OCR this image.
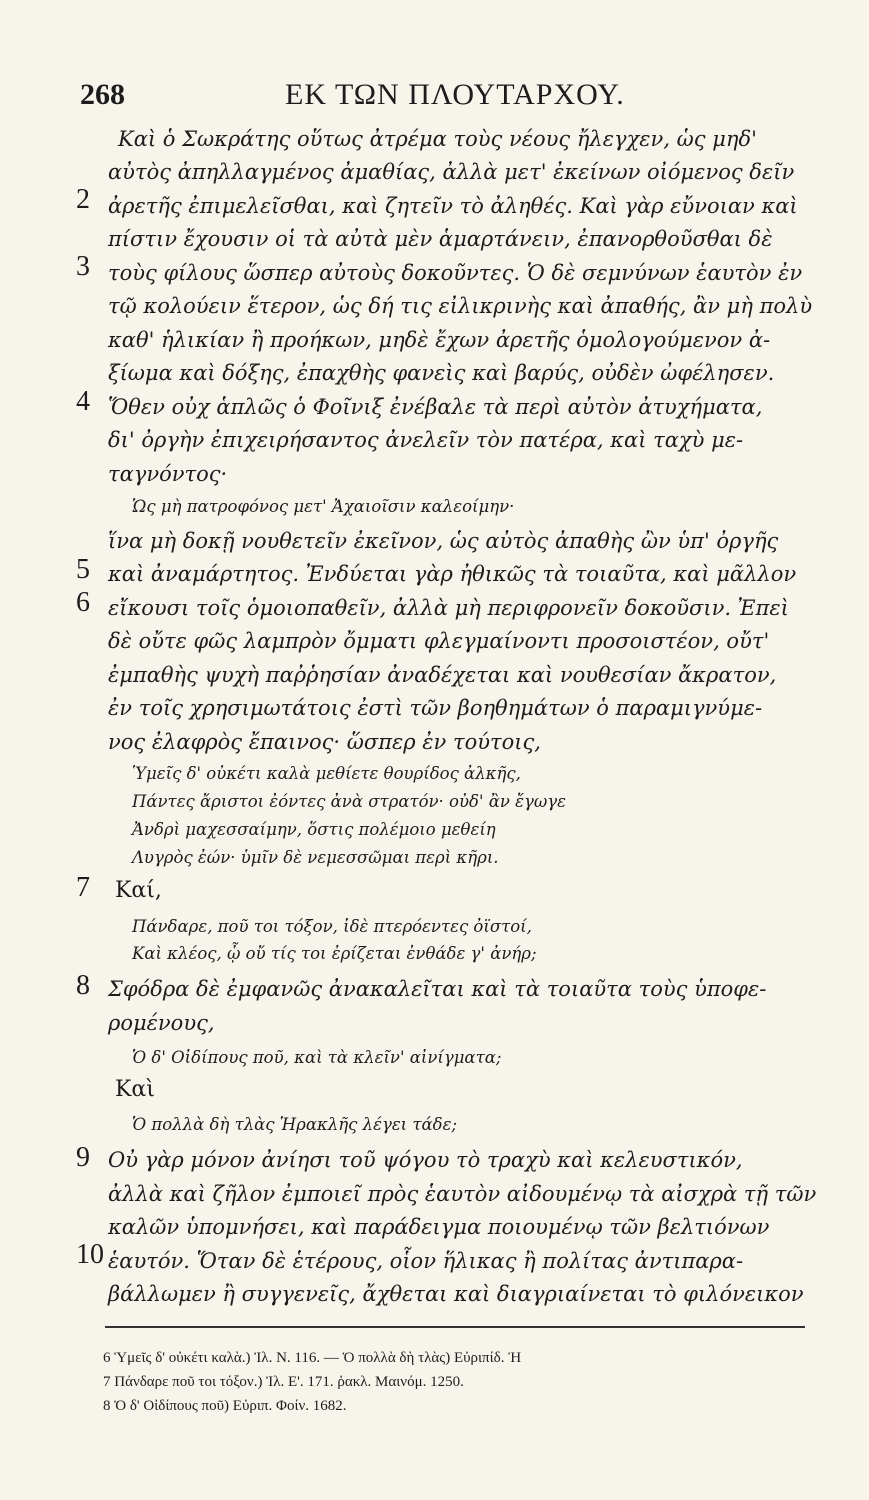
268	ΕΚ ΤΩΝ ΠΛΟΥΤΑΡΧΟΥ.
2
3
4
5
6
7
8
9
10
Καὶ ὁ Σωκράτης οὕτως ἀτρέμα τοὺς νέους ἤλεγχεν, ὡς μηδ'
αὐτὸς ἀπηλλαγμένος ἀμαθίας, ἀλλὰ μετ' ἐκείνων οἰόμενος δεῖν
ἀρετῆς ἐπιμελεῖσθαι, καὶ ζητεῖν τὸ ἀληθές. Καὶ γὰρ εὔνοιαν καὶ
πίστιν ἔχουσιν οἱ τὰ αὐτὰ μὲν ἁμαρτάνειν, ἐπανορθοῦσθαι δὲ
τοὺς φίλους ὥσπερ αὐτοὺς δοκοῦντες. Ὁ δὲ σεμνύνων ἑαυτὸν ἐν
τῷ κολούειν ἕτερον, ὡς δή τις εἰλικρινὴς καὶ ἀπαθής, ἂν μὴ πολὺ
καθ' ἡλικίαν ἢ προήκων, μηδὲ ἔχων ἀρετῆς ὁμολογούμενον ἀ-
ξίωμα καὶ δόξης, ἐπαχθὴς φανεὶς καὶ βαρύς, οὐδὲν ὠφέλησεν.
Ὅθεν οὐχ ἁπλῶς ὁ Φοῖνιξ ἐνέβαλε τὰ περὶ αὐτὸν ἀτυχήματα,
δι' ὀργὴν ἐπιχειρήσαντος ἀνελεῖν τὸν πατέρα, καὶ ταχὺ με-
ταγνόντος·
Ὡς μὴ πατροφόνος μετ' Ἀχαιοῖσιν καλεοίμην·
ἵνα μὴ δοκῇ νουθετεῖν ἐκεῖνον, ὡς αὐτὸς ἀπαθὴς ὢν ὑπ' ὀργῆς
καὶ ἀναμάρτητος. Ἐνδύεται γὰρ ἠθικῶς τὰ τοιαῦτα, καὶ μᾶλλον
εἴκουσι τοῖς ὁμοιοπαθεῖν, ἀλλὰ μὴ περιφρονεῖν δοκοῦσιν. Ἐπεὶ
δὲ οὔτε φῶς λαμπρὸν ὄμματι φλεγμαίνοντι προσοιστέον, οὔτ'
ἐμπαθὴς ψυχὴ παῤῥησίαν ἀναδέχεται καὶ νουθεσίαν ἄκρατον,
ἐν τοῖς χρησιμωτάτοις ἐστὶ τῶν βοηθημάτων ὁ παραμιγνύμε-
νος ἐλαφρὸς ἔπαινος· ὥσπερ ἐν τούτοις,
Ὑμεῖς δ' οὐκέτι καλὰ μεθίετε θουρίδος ἀλκῆς,
Πάντες ἄριστοι ἐόντες ἀνὰ στρατόν· οὐδ' ἂν ἔγωγε
Ἀνδρὶ μαχεσσαίμην, ὅστις πολέμοιο μεθείη
Λυγρὸς ἐών· ὑμῖν δὲ νεμεσσῶμαι περὶ κῆρι.
Καί,
Πάνδαρε, ποῦ τοι τόξον, ἰδὲ πτερόεντες ὀϊστοί,
Καὶ κλέος, ᾧ οὔ τίς τοι ἐρίζεται ἐνθάδε γ' ἀνήρ;
Σφόδρα δὲ ἐμφανῶς ἀνακαλεῖται καὶ τὰ τοιαῦτα τοὺς ὑποφε-
ρομένους,
Ὁ δ' Οἰδίπους ποῦ, καὶ τὰ κλεῖν' αἰνίγματα;
Καὶ
Ὁ πολλὰ δὴ τλὰς Ἡρακλῆς λέγει τάδε;
Οὐ γὰρ μόνον ἀνίησι τοῦ ψόγου τὸ τραχὺ καὶ κελευστικόν,
ἀλλὰ καὶ ζῆλον ἐμποιεῖ πρὸς ἑαυτὸν αἰδουμένῳ τὰ αἰσχρὰ τῇ τῶν
καλῶν ὑπομνήσει, καὶ παράδειγμα ποιουμένῳ τῶν βελτιόνων
ἑαυτόν. Ὅταν δὲ ἑτέρους, οἷον ἥλικας ἢ πολίτας ἀντιπαρα-
βάλλωμεν ἢ συγγενεῖς, ἄχθεται καὶ διαγριαίνεται τὸ φιλόνεικον
6 Ὑμεῖς δ' οὐκέτι καλὰ.) Ἰλ. Ν. 116. — Ὁ πολλὰ δὴ τλὰς) Εὐριπίδ. Ἡ
7 Πάνδαρε ποῦ τοι τόξον.) Ἰλ. Ε'. 171. ῥακλ. Μαινόμ. 1250.
8 Ὁ δ' Οἰδίπους ποῦ) Εὐριπ. Φοίν. 1682.
